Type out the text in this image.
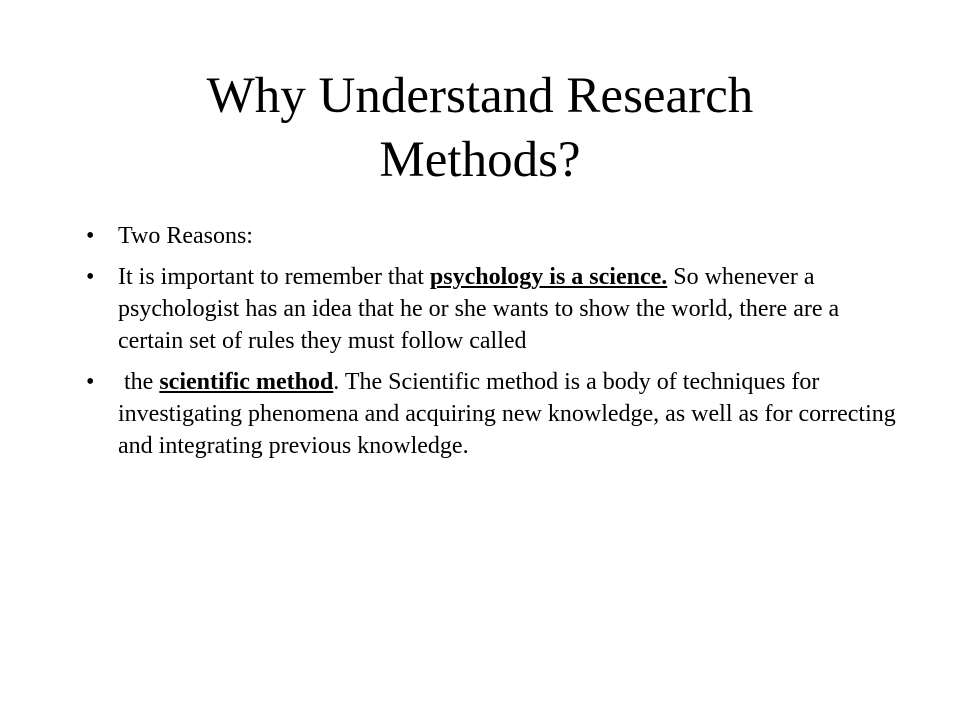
Why Understand Research
Methods?
• Two Reasons:
• It is important to remember that psychology is a science. So whenever a psychologist has an idea that he or she wants to show the world, there are a certain set of rules they must follow called
•  the scientific method. The Scientific method is a body of techniques for investigating phenomena and acquiring new knowledge, as well as for correcting and integrating previous knowledge.
